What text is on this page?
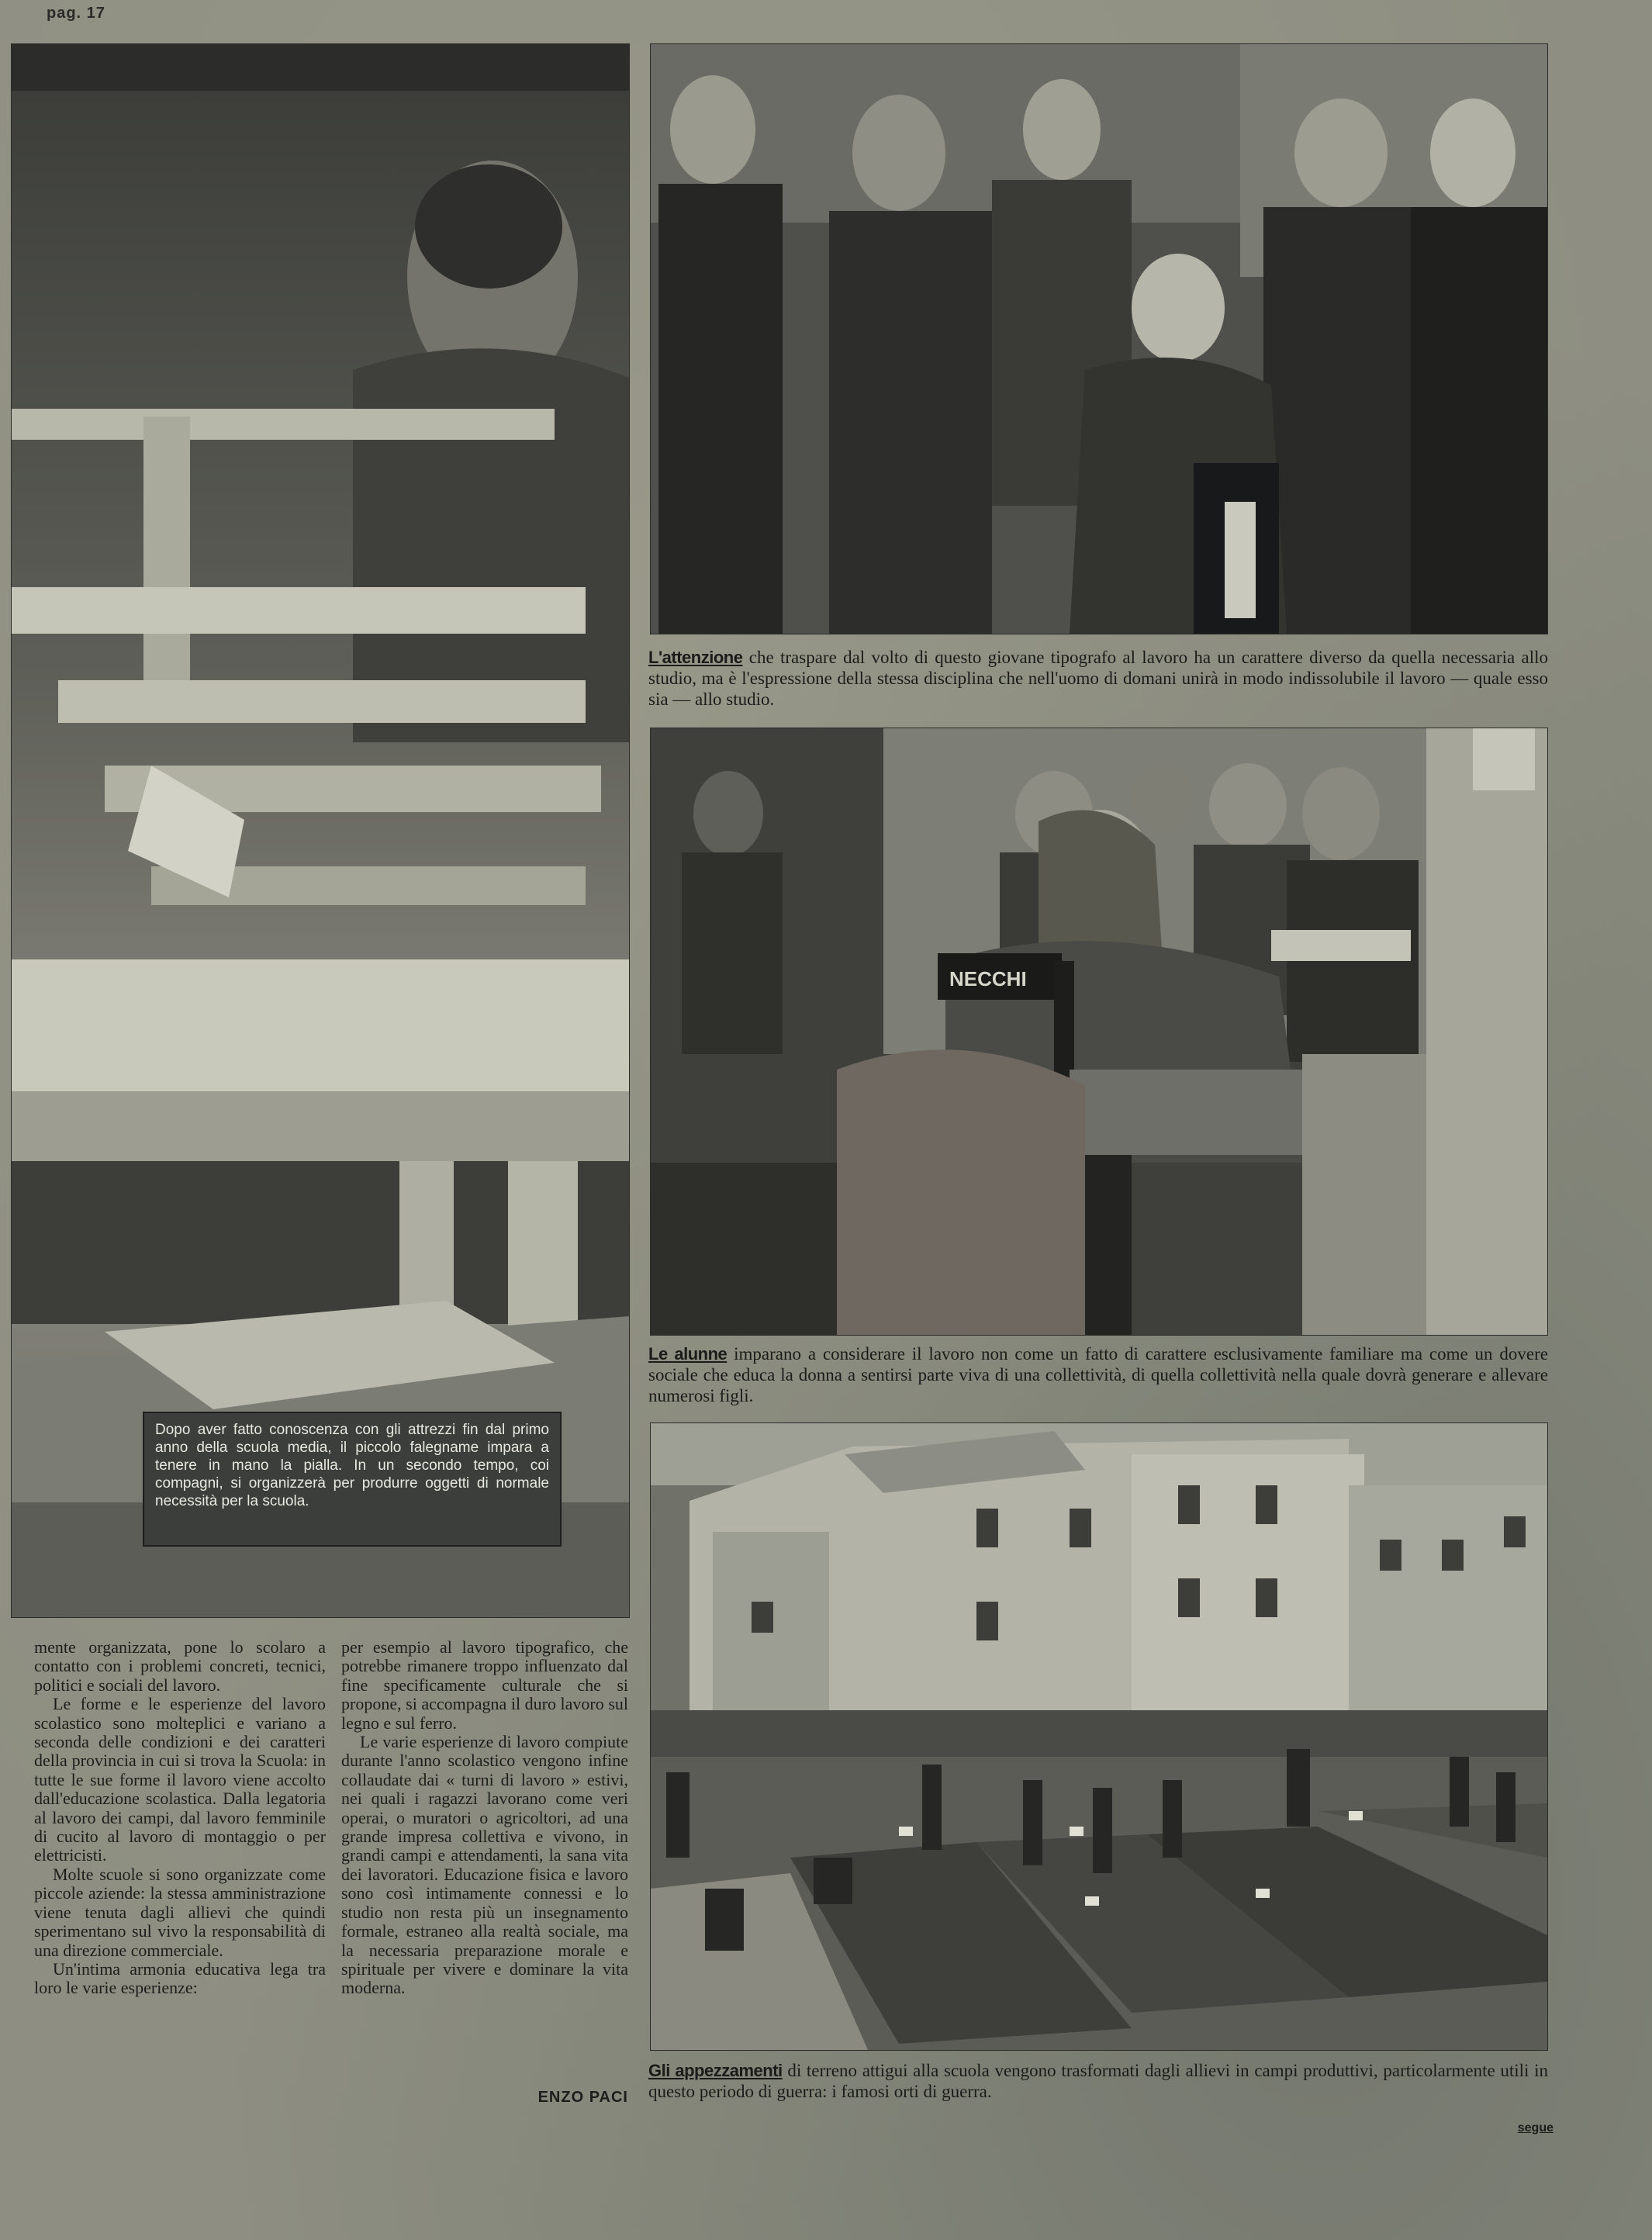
pag. 17
Dopo aver fatto conoscenza con gli attrezzi fin dal primo anno della scuola media, il piccolo falegname impara a tenere in mano la pialla. In un secondo tempo, coi compagni, si organizzerà per produrre oggetti di normale necessità per la scuola.
L'attenzione che traspare dal volto di questo giovane tipografo al lavoro ha un carattere diverso da quella necessaria allo studio, ma è l'espressione della stessa disciplina che nell'uomo di domani unirà in modo indissolubile il lavoro — quale esso sia — allo studio.
NECCHI
Le alunne imparano a considerare il lavoro non come un fatto di carattere esclusivamente familiare ma come un dovere sociale che educa la donna a sentirsi parte viva di una collettività, di quella collettività nella quale dovrà generare e allevare numerosi figli.
Gli appezzamenti di terreno attigui alla scuola vengono trasformati dagli allievi in campi produttivi, particolarmente utili in questo periodo di guerra: i famosi orti di guerra.

mente organizzata, pone lo scolaro a contatto con i problemi concreti, tecnici, politici e sociali del lavoro.

Le forme e le esperienze del lavoro scolastico sono molteplici e variano a seconda delle condizioni e dei caratteri della provincia in cui si trova la Scuola: in tutte le sue forme il lavoro viene accolto dall'educazione scolastica. Dalla legatoria al lavoro dei campi, dal lavoro femminile di cucito al lavoro di montaggio o per elettricisti.

Molte scuole si sono organizzate come piccole aziende: la stessa amministrazione viene tenuta dagli allievi che quindi sperimentano sul vivo la responsabilità di una direzione commerciale.

Un'intima armonia educativa lega tra loro le varie esperienze:

per esempio al lavoro tipografico, che potrebbe rimanere troppo influenzato dal fine specificamente culturale che si propone, si accompagna il duro lavoro sul legno e sul ferro.

Le varie esperienze di lavoro compiute durante l'anno scolastico vengono infine collaudate dai « turni di lavoro » estivi, nei quali i ragazzi lavorano come veri operai, o muratori o agricoltori, ad una grande impresa collettiva e vivono, in grandi campi e attendamenti, la sana vita dei lavoratori. Educazione fisica e lavoro sono così intimamente connessi e lo studio non resta più un insegnamento formale, estraneo alla realtà sociale, ma la necessaria preparazione morale e spirituale per vivere e dominare la vita moderna.

ENZO PACI
segue
